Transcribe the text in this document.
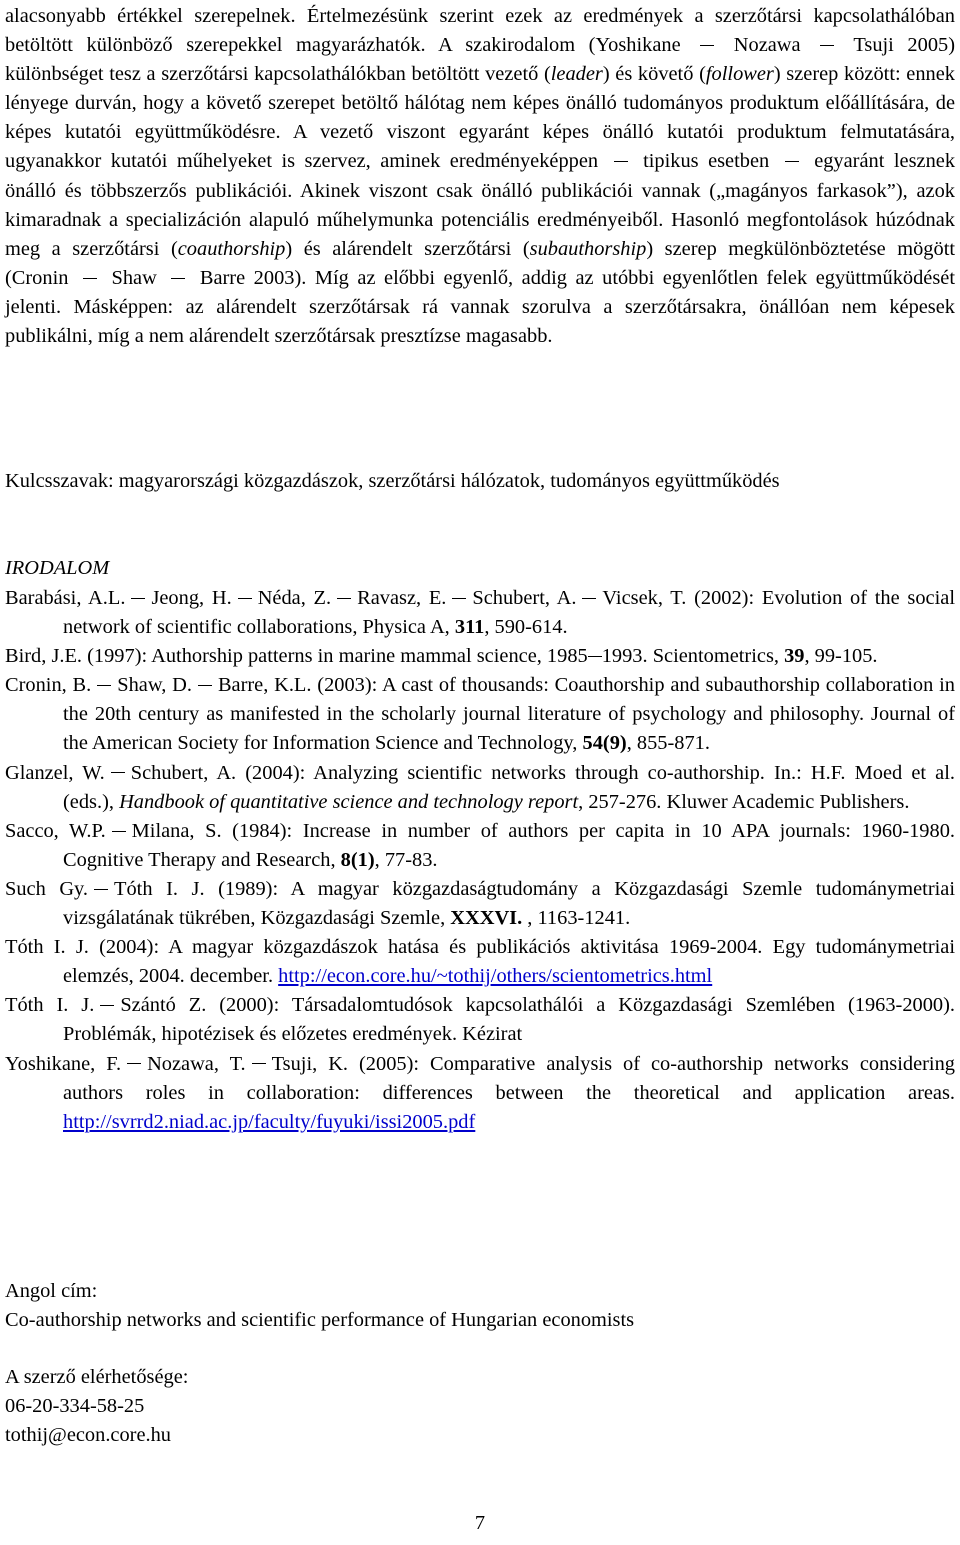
alacsonyabb értékkel szerepelnek. Értelmezésünk szerint ezek az eredmények a szerzőtársi kapcsolathálóban betöltött különböző szerepekkel magyarázhatók. A szakirodalom (Yoshikane  Nozawa  Tsuji 2005) különbséget tesz a szerzőtársi kapcsolathálókban betöltött vezető (leader) és követő (follower) szerep között: ennek lényege durván, hogy a követő szerepet betöltő hálótag nem képes önálló tudományos produktum előállítására, de képes kutatói együttműködésre. A vezető viszont egyaránt képes önálló kutatói produktum felmutatására, ugyanakkor kutatói műhelyeket is szervez, aminek eredményeképpen  tipikus esetben  egyaránt lesznek önálló és többszerzős publikációi. Akinek viszont csak önálló publikációi vannak („magányos farkasok”), azok kimaradnak a specializáción alapuló műhelymunka potenciális eredményeiből. Hasonló megfontolások húzódnak meg a szerzőtársi (coauthorship) és alárendelt szerzőtársi (subauthorship) szerep megkülönböztetése mögött (Cronin  Shaw  Barre 2003). Míg az előbbi egyenlő, addig az utóbbi egyenlőtlen felek együttműködését jelenti. Másképpen: az alárendelt szerzőtársak rá vannak szorulva a szerzőtársakra, önállóan nem képesek publikálni, míg a nem alárendelt szerzőtársak presztízse magasabb.

Kulcsszavak: magyarországi közgazdászok, szerzőtársi hálózatok, tudományos együttműködés

IRODALOM

Barabási, A.L. Jeong, H. Néda, Z. Ravasz, E. Schubert, A. Vicsek, T. (2002): Evolution of the social network of scientific collaborations, Physica A, 311, 590-614.

Bird, J.E. (1997): Authorship patterns in marine mammal science, 1985 1993. Scientometrics, 39, 99-105.

Cronin, B. Shaw, D. Barre, K.L. (2003): A cast of thousands: Coauthorship and subauthorship collaboration in the 20th century as manifested in the scholarly journal literature of psychology and philosophy. Journal of the American Society for Information Science and Technology, 54(9), 855-871.

Glanzel, W. Schubert, A. (2004): Analyzing scientific networks through co-authorship. In.: H.F. Moed et al. (eds.), Handbook of quantitative science and technology report, 257-276. Kluwer Academic Publishers.

Sacco, W.P. Milana, S. (1984): Increase in number of authors per capita in 10 APA journals: 1960-1980. Cognitive Therapy and Research, 8(1), 77-83.

Such Gy. Tóth I. J. (1989): A magyar közgazdaságtudomány a Közgazdasági Szemle tudománymetriai vizsgálatának tükrében, Közgazdasági Szemle, XXXVI. , 1163-1241.

Tóth I. J. (2004): A magyar közgazdászok hatása és publikációs aktivitása 1969-2004. Egy tudománymetriai elemzés, 2004. december. http://econ.core.hu/~tothij/others/scientometrics.html

Tóth I. J. Szántó Z. (2000): Társadalomtudósok kapcsolathálói a Közgazdasági Szemlében (1963-2000). Problémák, hipotézisek és előzetes eredmények. Kézirat

Yoshikane, F. Nozawa, T. Tsuji, K. (2005): Comparative analysis of co-authorship networks considering authors roles in collaboration: differences between the theoretical and application areas. http://svrrd2.niad.ac.jp/faculty/fuyuki/issi2005.pdf

Angol cím:
Co-authorship networks and scientific performance of Hungarian economists
A szerző elérhetősége:
06-20-334-58-25
tothij@econ.core.hu
7
